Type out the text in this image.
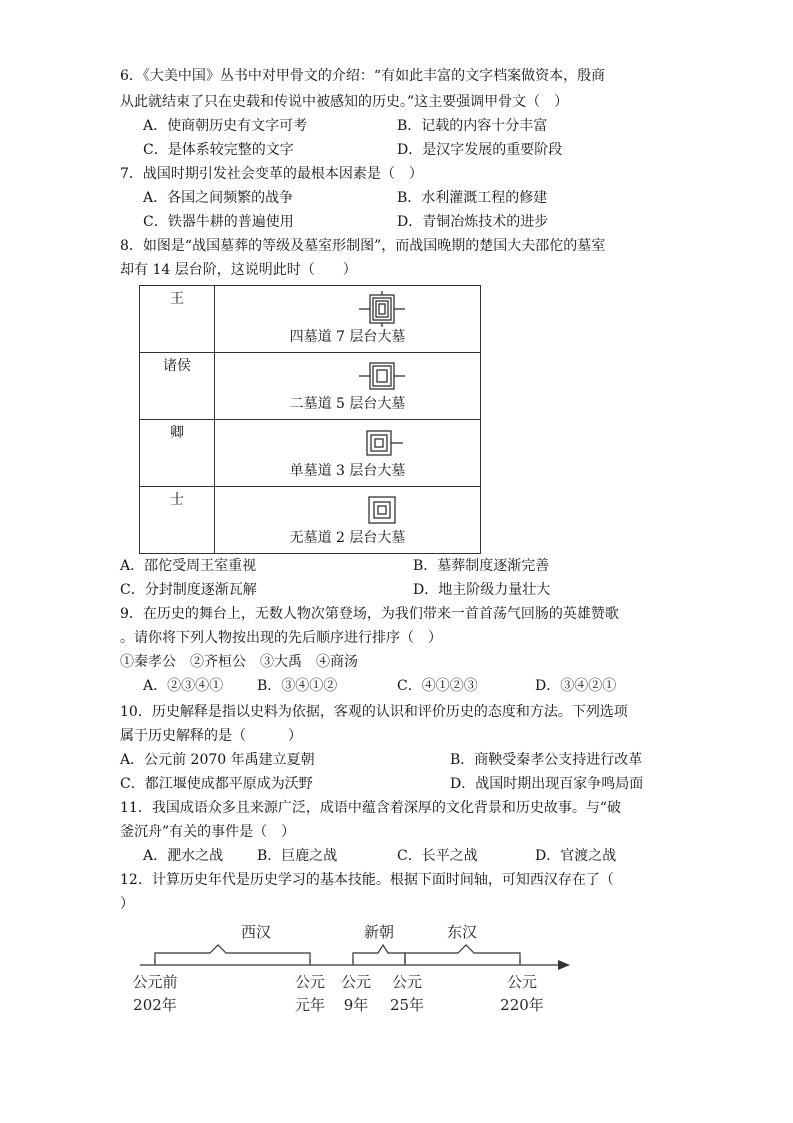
6．《大美中国》丛书中对甲骨文的介绍：“有如此丰富的文字档案做资本，殷商
从此就结束了只在史载和传说中被感知的历史。”这主要强调甲骨文（　）
A．使商朝历史有文字可考	B．记载的内容十分丰富
C．是体系较完整的文字	D．是汉字发展的重要阶段
7．战国时期引发社会变革的最根本因素是（　）
A．各国之间频繁的战争	B．水利灌溉工程的修建
C．铁器牛耕的普遍使用	D．青铜冶炼技术的进步
8．如图是“战国墓葬的等级及墓室形制图”，而战国晚期的楚国大夫邵佗的墓室
却有 14 层台阶，这说明此时（　　）
王	四墓道 7 层台大墓

诸侯	二墓道 5 层台大墓

卿	单墓道 3 层台大墓

士	无墓道 2 层台大墓
A．邵佗受周王室重视	B．墓葬制度逐渐完善
C．分封制度逐渐瓦解	D．地主阶级力量壮大
9．在历史的舞台上，无数人物次第登场，为我们带来一首首荡气回肠的英雄赞歌
。请你将下列人物按出现的先后顺序进行排序（　）
①秦孝公　②齐桓公　③大禹　④商汤
A．②③④① B．③④①②	C．④①②③	D．③④②①
10．历史解释是指以史料为依据，客观的认识和评价历史的态度和方法。下列选项
属于历史解释的是（　　　）
A．公元前 2070 年禹建立夏朝	B．商鞅受秦孝公支持进行改革
C．都江堰使成都平原成为沃野	D．战国时期出现百家争鸣局面
11．我国成语众多且来源广泛，成语中蕴含着深厚的文化背景和历史故事。与“破
釜沉舟”有关的事件是（　）
A．淝水之战 B．巨鹿之战	C．长平之战	D．官渡之战
12．计算历史年代是历史学习的基本技能。根据下面时间轴，可知西汉存在了（
）
西汉	新朝	东汉
公元前
202年
公元
元年
公元
9年
公元
25年
公元
220年
